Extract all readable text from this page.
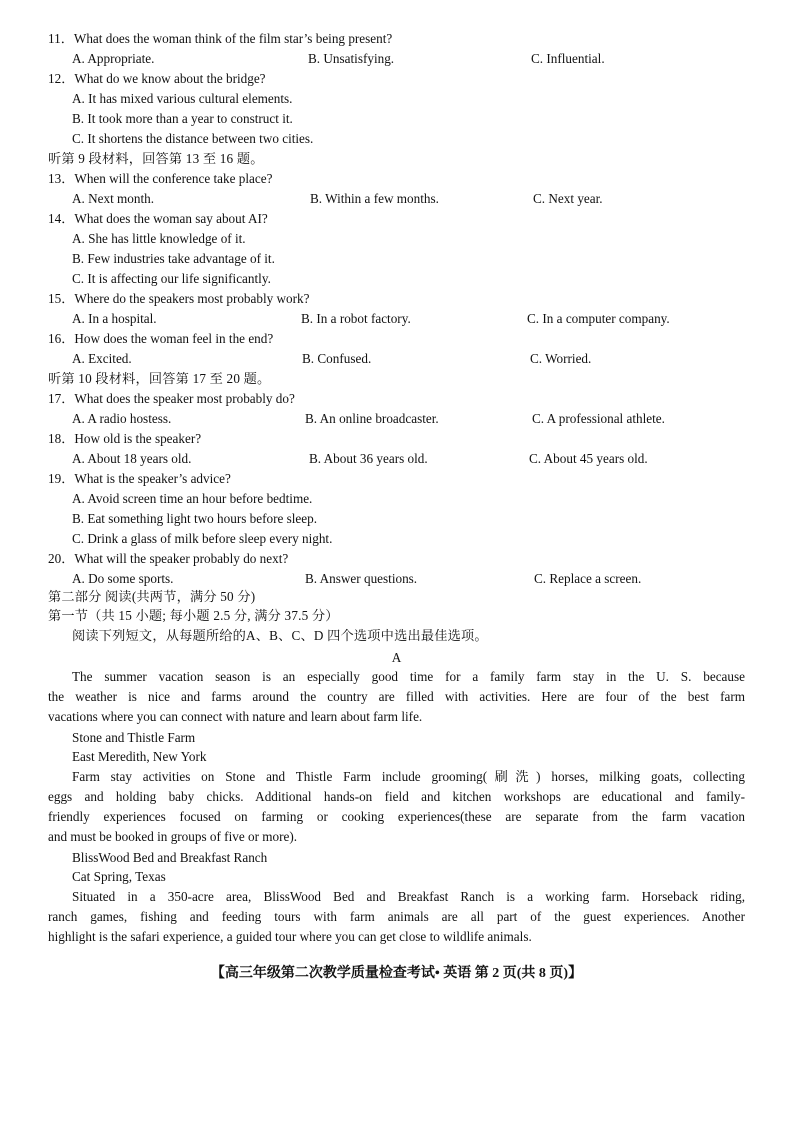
11．What does the woman think of the film star’s being present?
A. Appropriate.	B. Unsatisfying.	C. Influential.
12．What do we know about the bridge?
A. It has mixed various cultural elements.
B. It took more than a year to construct it.
C. It shortens the distance between two cities.
听第 9 段材料，回答第 13 至 16 题。
13．When will the conference take place?
A. Next month.	B. Within a few months.	C. Next year.
14．What does the woman say about AI?
A. She has little knowledge of it.
B. Few industries take advantage of it.
C. It is affecting our life significantly.
15．Where do the speakers most probably work?
A. In a hospital.	B. In a robot factory.	C. In a computer company.
16．How does the woman feel in the end?
A. Excited.	B. Confused.	C. Worried.
听第 10 段材料，回答第 17 至 20 题。
17．What does the speaker most probably do?
A. A radio hostess.	B. An online broadcaster.	C. A professional athlete.
18．How old is the speaker?
A. About 18 years old.	B. About 36 years old.	C. About 45 years old.
19．What is the speaker’s advice?
A. Avoid screen time an hour before bedtime.
B. Eat something light two hours before sleep.
C. Drink a glass of milk before sleep every night.
20．What will the speaker probably do next?
A. Do some sports.	B. Answer questions.	C. Replace a screen.
第二部分 阅读(共两节，满分 50 分)
第一节（共 15 小题; 每小题 2.5 分, 满分 37.5 分）
阅读下列短文，从每题所给的A、B、C、D 四个选项中选出最佳选项。
A
The summer vacation season is an especially good time for a family farm stay in the U. S. because
the weather is nice and farms around the country are filled with activities. Here are four of the best farm
vacations where you can connect with nature and learn about farm life.
Stone and Thistle Farm
East Meredith, New York
Farm stay activities on Stone and Thistle Farm include grooming(刷洗) horses, milking goats, collecting
eggs and holding baby chicks. Additional hands-on field and kitchen workshops are educational and family-
friendly experiences focused on farming or cooking experiences(these are separate from the farm vacation
and must be booked in groups of five or more).
BlissWood Bed and Breakfast Ranch
Cat Spring, Texas
Situated in a 350-acre area, BlissWood Bed and Breakfast Ranch is a working farm. Horseback riding,
ranch games, fishing and feeding tours with farm animals are all part of the guest experiences. Another
highlight is the safari experience, a guided tour where you can get close to wildlife animals.
【高三年级第二次教学质量检查考试• 英语 第 2 页(共 8 页)】
